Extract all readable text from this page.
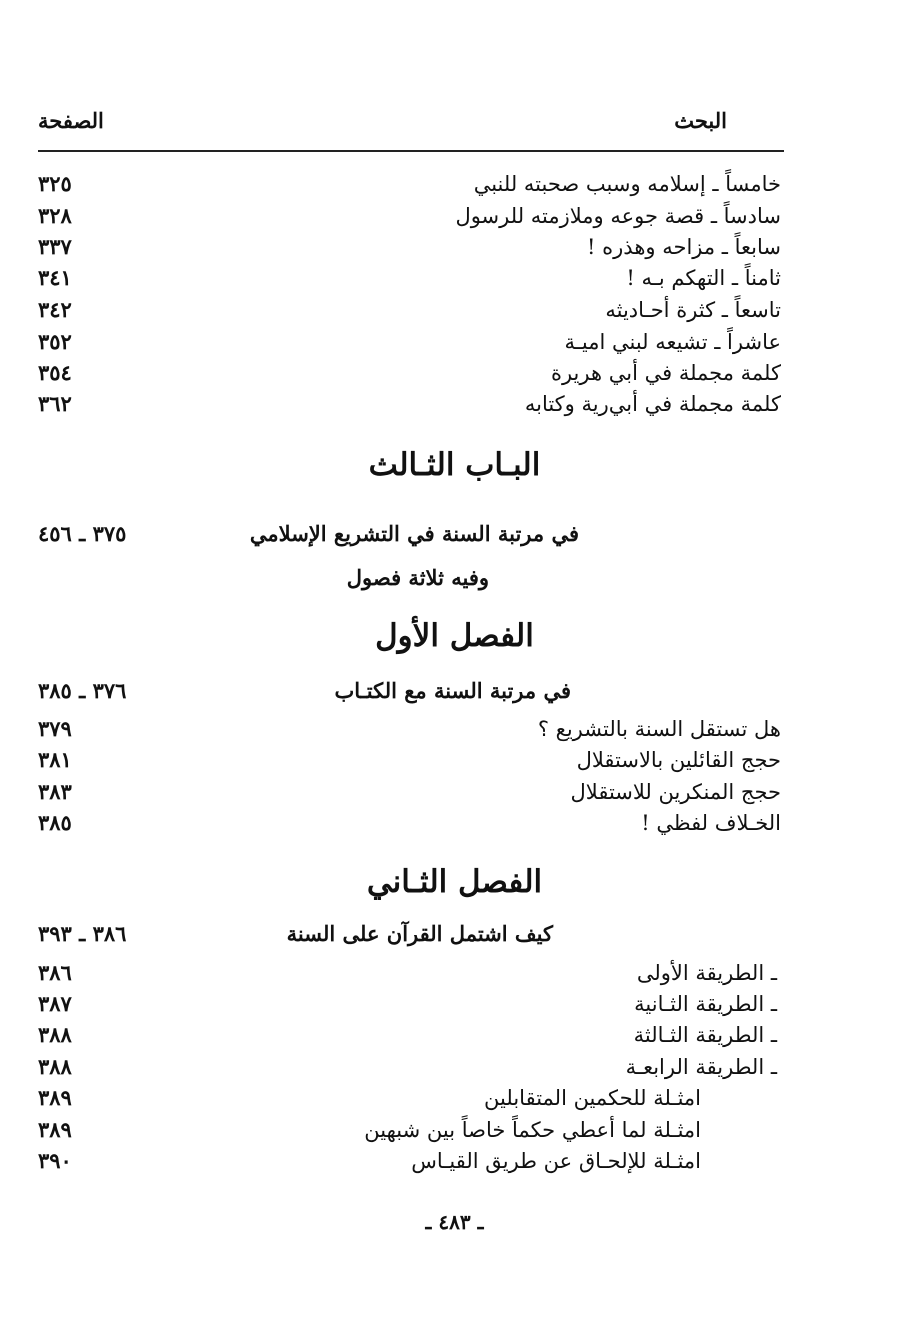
البحث
الصفحة
خامساً ـ إسلامه وسبب صحبته للنبي
٣٢٥
سادساً ـ قصة جوعه وملازمته للرسول
٣٢٨
سابعاً ـ مزاحه وهذره !
٣٣٧
ثامناً ـ التهكم بـه !
٣٤١
تاسعاً ـ كثرة أحـاديثه
٣٤٢
عاشراً ـ تشيعه لبني اميـة
٣٥٢
كلمة مجملة في أبي هريرة
٣٥٤
كلمة مجملة في أبي‌رية وكتابه
٣٦٢
البـاب الثـالث
في مرتبة السنة في التشريع الإسلامي
٣٧٥ ـ ٤٥٦
وفيه ثلاثة فصول
الفصل الأول
في مرتبة السنة مع الكتـاب
٣٧٦ ـ ٣٨٥
هل تستقل السنة بالتشريع ؟
٣٧٩
حجج القائلين بالاستقلال
٣٨١
حجج المنكرين للاستقلال
٣٨٣
الخـلاف لفظي !
٣٨٥
الفصل الثـاني
كيف اشتمل القرآن على السنة
٣٨٦ ـ ٣٩٣
ـ الطريقة الأولى
٣٨٦
ـ الطريقة الثـانية
٣٨٧
ـ الطريقة الثـالثة
٣٨٨
ـ الطريقة الرابعـة
٣٨٨
امثـلة للحكمين المتقابلين
٣٨٩
امثـلة لما أعطي حكماً خاصاً بين شبهين
٣٨٩
امثـلة للإلحـاق عن طريق القيـاس
٣٩٠
ـ ٤٨٣ ـ
